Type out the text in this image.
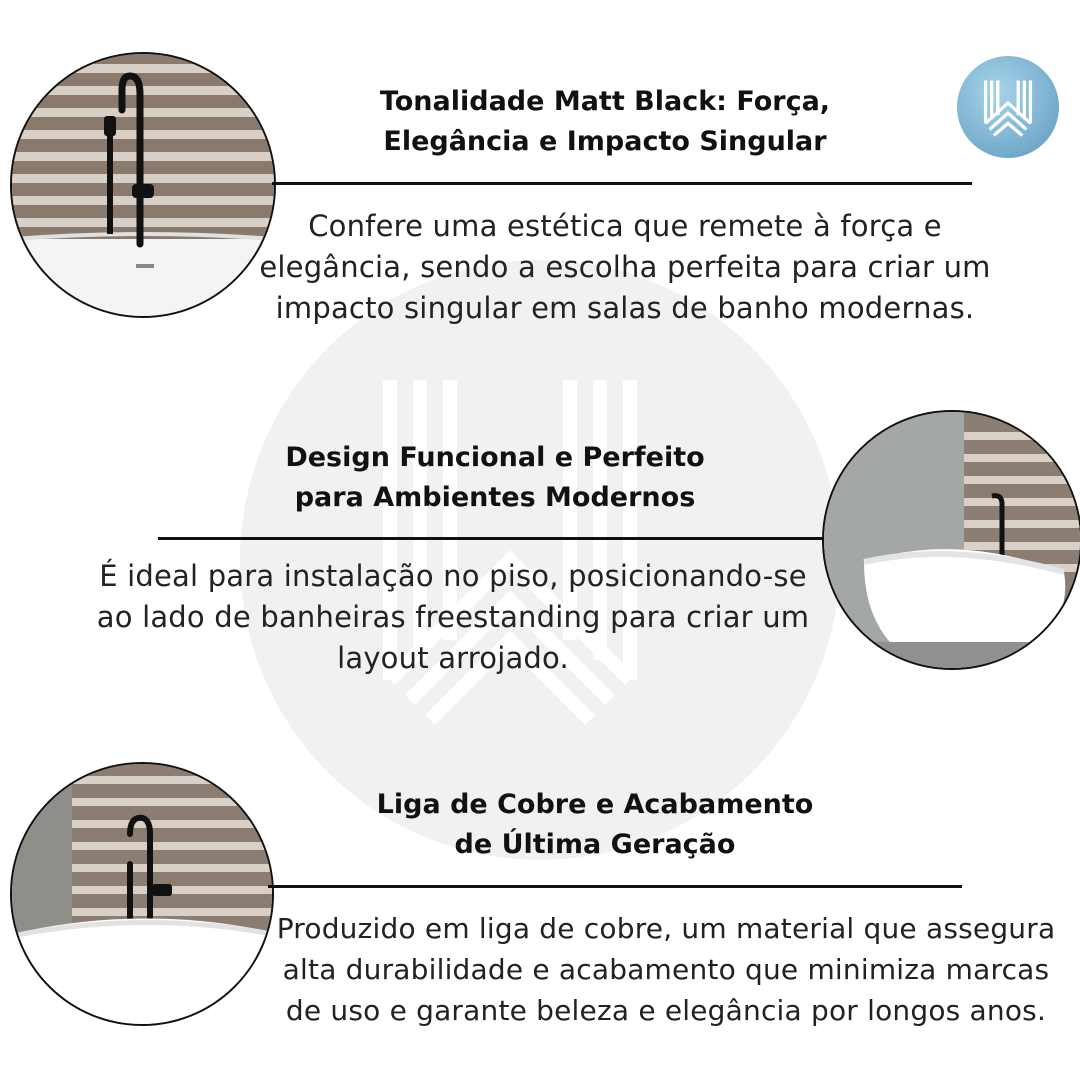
Tonalidade Matt Black: Força,
Elegância e Impacto Singular
Confere uma estética que remete à força e
elegância, sendo a escolha perfeita para criar um
impacto singular em salas de banho modernas.
Design Funcional e Perfeito
para Ambientes Modernos
É ideal para instalação no piso, posicionando-se
ao lado de banheiras freestanding para criar um
layout arrojado.
Liga de Cobre e Acabamento
de Última Geração
Produzido em liga de cobre, um material que assegura
alta durabilidade e acabamento que minimiza marcas
de uso e garante beleza e elegância por longos anos.
